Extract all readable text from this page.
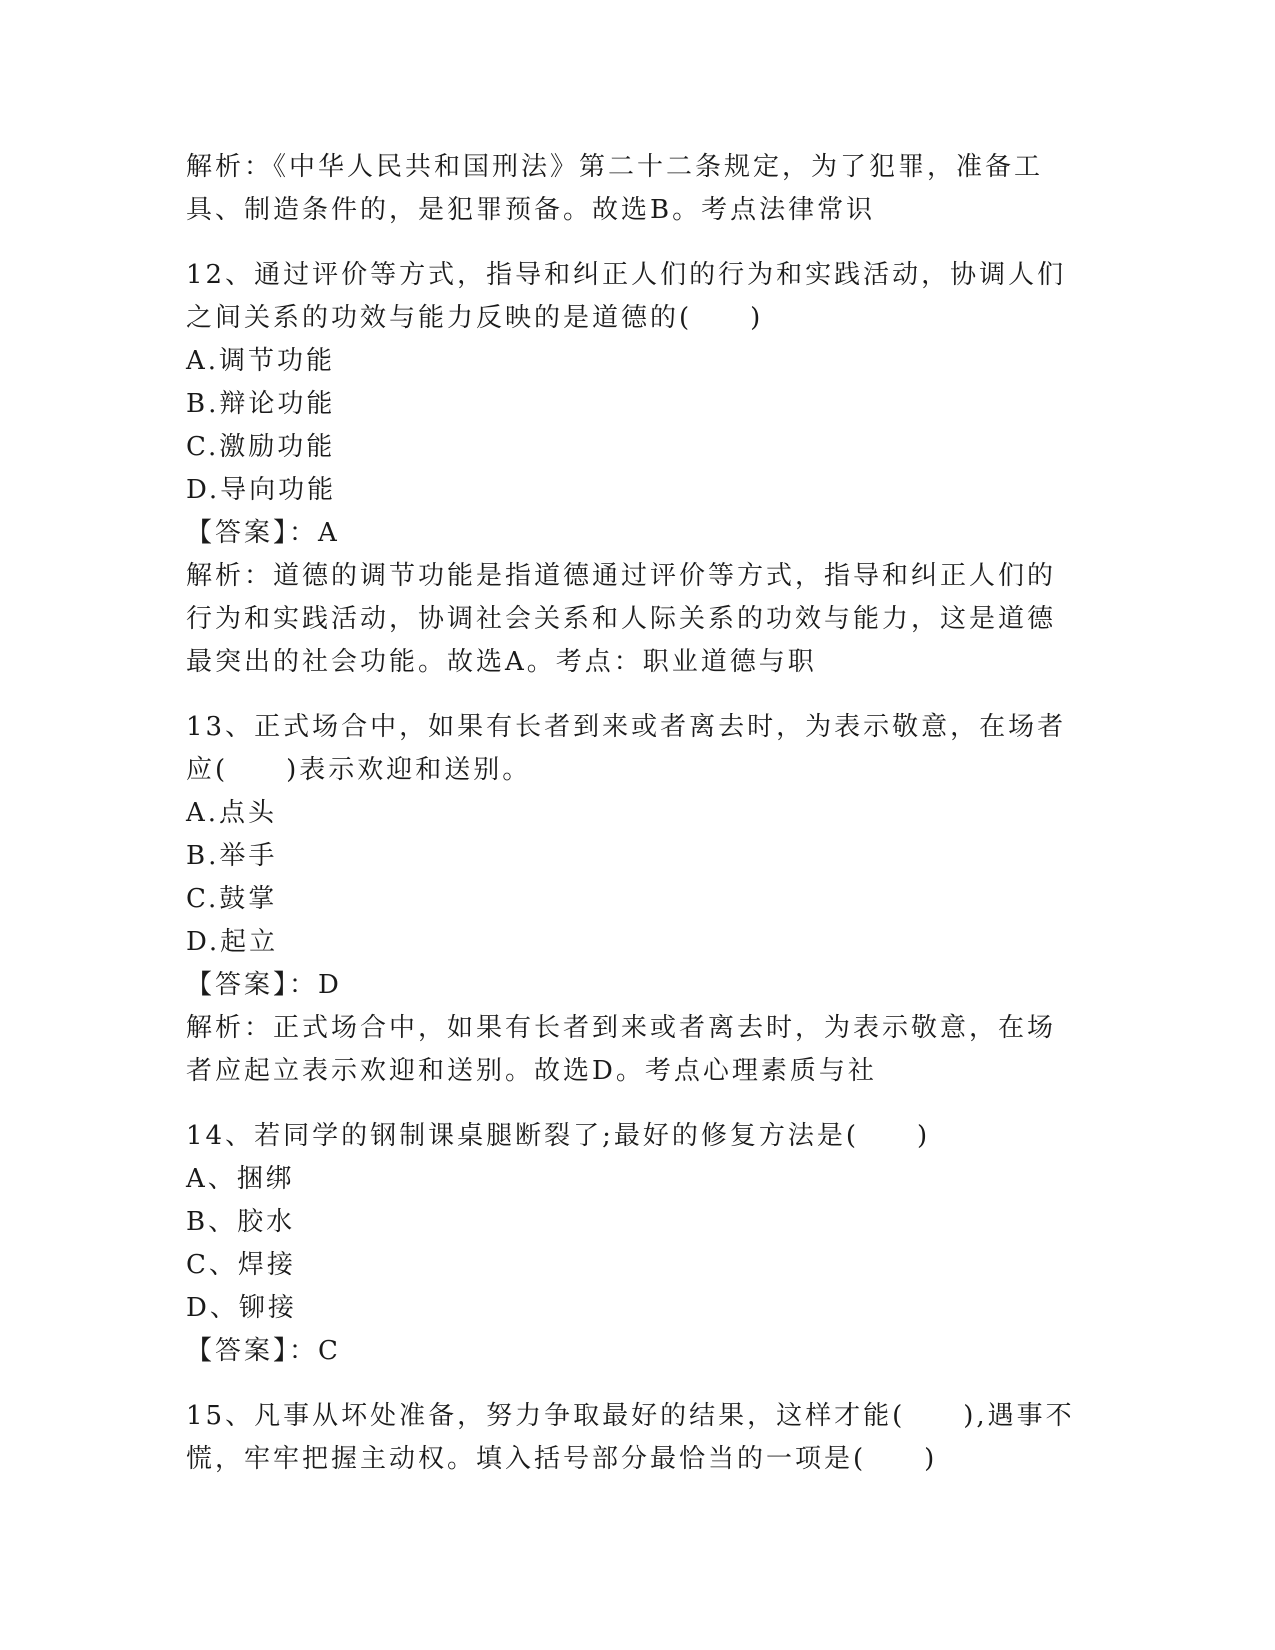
解析：《中华人民共和国刑法》第二十二条规定，为了犯罪，准备工
具、制造条件的，是犯罪预备。故选B。考点法律常识
12、通过评价等方式，指导和纠正人们的行为和实践活动，协调人们
之间关系的功效与能力反映的是道德的(　　)
A.调节功能
B.辩论功能
C.激励功能
D.导向功能
【答案】：A
解析：道德的调节功能是指道德通过评价等方式，指导和纠正人们的
行为和实践活动，协调社会关系和人际关系的功效与能力，这是道德
最突出的社会功能。故选A。考点：职业道德与职
13、正式场合中，如果有长者到来或者离去时，为表示敬意，在场者
应(　　)表示欢迎和送别。
A.点头
B.举手
C.鼓掌
D.起立
【答案】：D
解析：正式场合中，如果有长者到来或者离去时，为表示敬意，在场
者应起立表示欢迎和送别。故选D。考点心理素质与社
14、若同学的钢制课桌腿断裂了;最好的修复方法是(　　)
A、捆绑
B、胶水
C、焊接
D、铆接
【答案】：C
15、凡事从坏处准备，努力争取最好的结果，这样才能(　　),遇事不
慌，牢牢把握主动权。填入括号部分最恰当的一项是(　　)
